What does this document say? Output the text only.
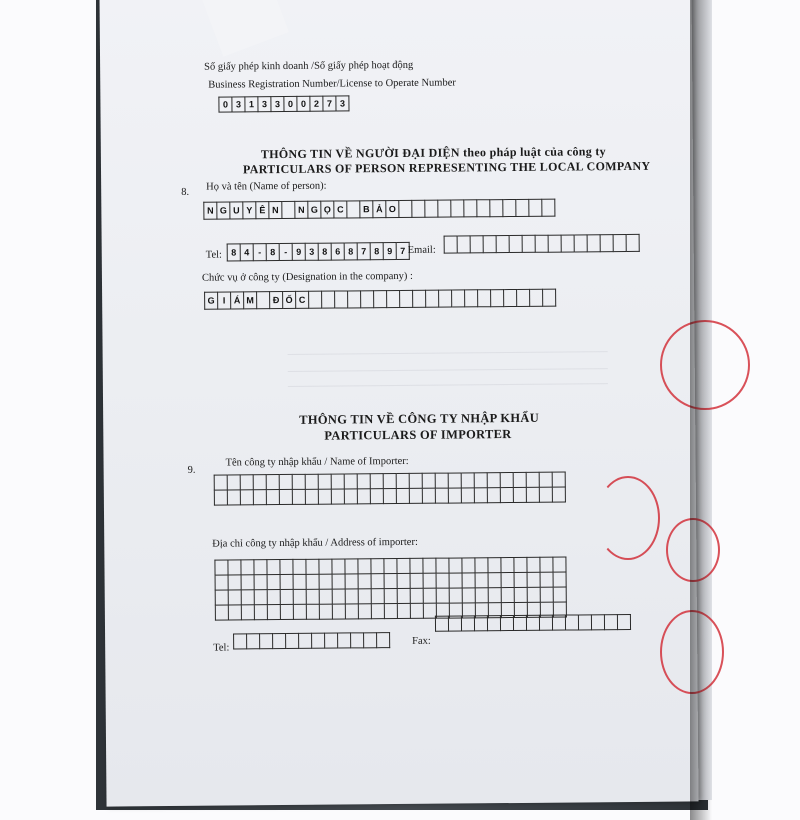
Số giấy phép kinh doanh /Số giấy phép hoạt động
Business Registration Number/License to Operate Number
0	3	1	3	3	0	0	2	7	3
THÔNG TIN VỀ NGƯỜI ĐẠI DIỆN theo pháp luật của công ty
PARTICULARS OF PERSON REPRESENTING THE LOCAL COMPANY
8. Họ và tên (Name of person):
N	G	U	Y	Ê	N		N	G	Ọ	C		B	Ả	O												
Tel: 8	4	-	8	-	9	3	8	6	8	7	8	9	7 Email:

Chức vụ ở công ty (Designation in the company) :
G	I	Á	M		Đ	Ố	C																			
THÔNG TIN VỀ CÔNG TY NHẬP KHẨU
PARTICULARS OF IMPORTER
9.
Tên công ty nhập khẩu / Name of Importer:

Địa chỉ công ty nhập khẩu / Address of importer:

Tel:

Fax:
